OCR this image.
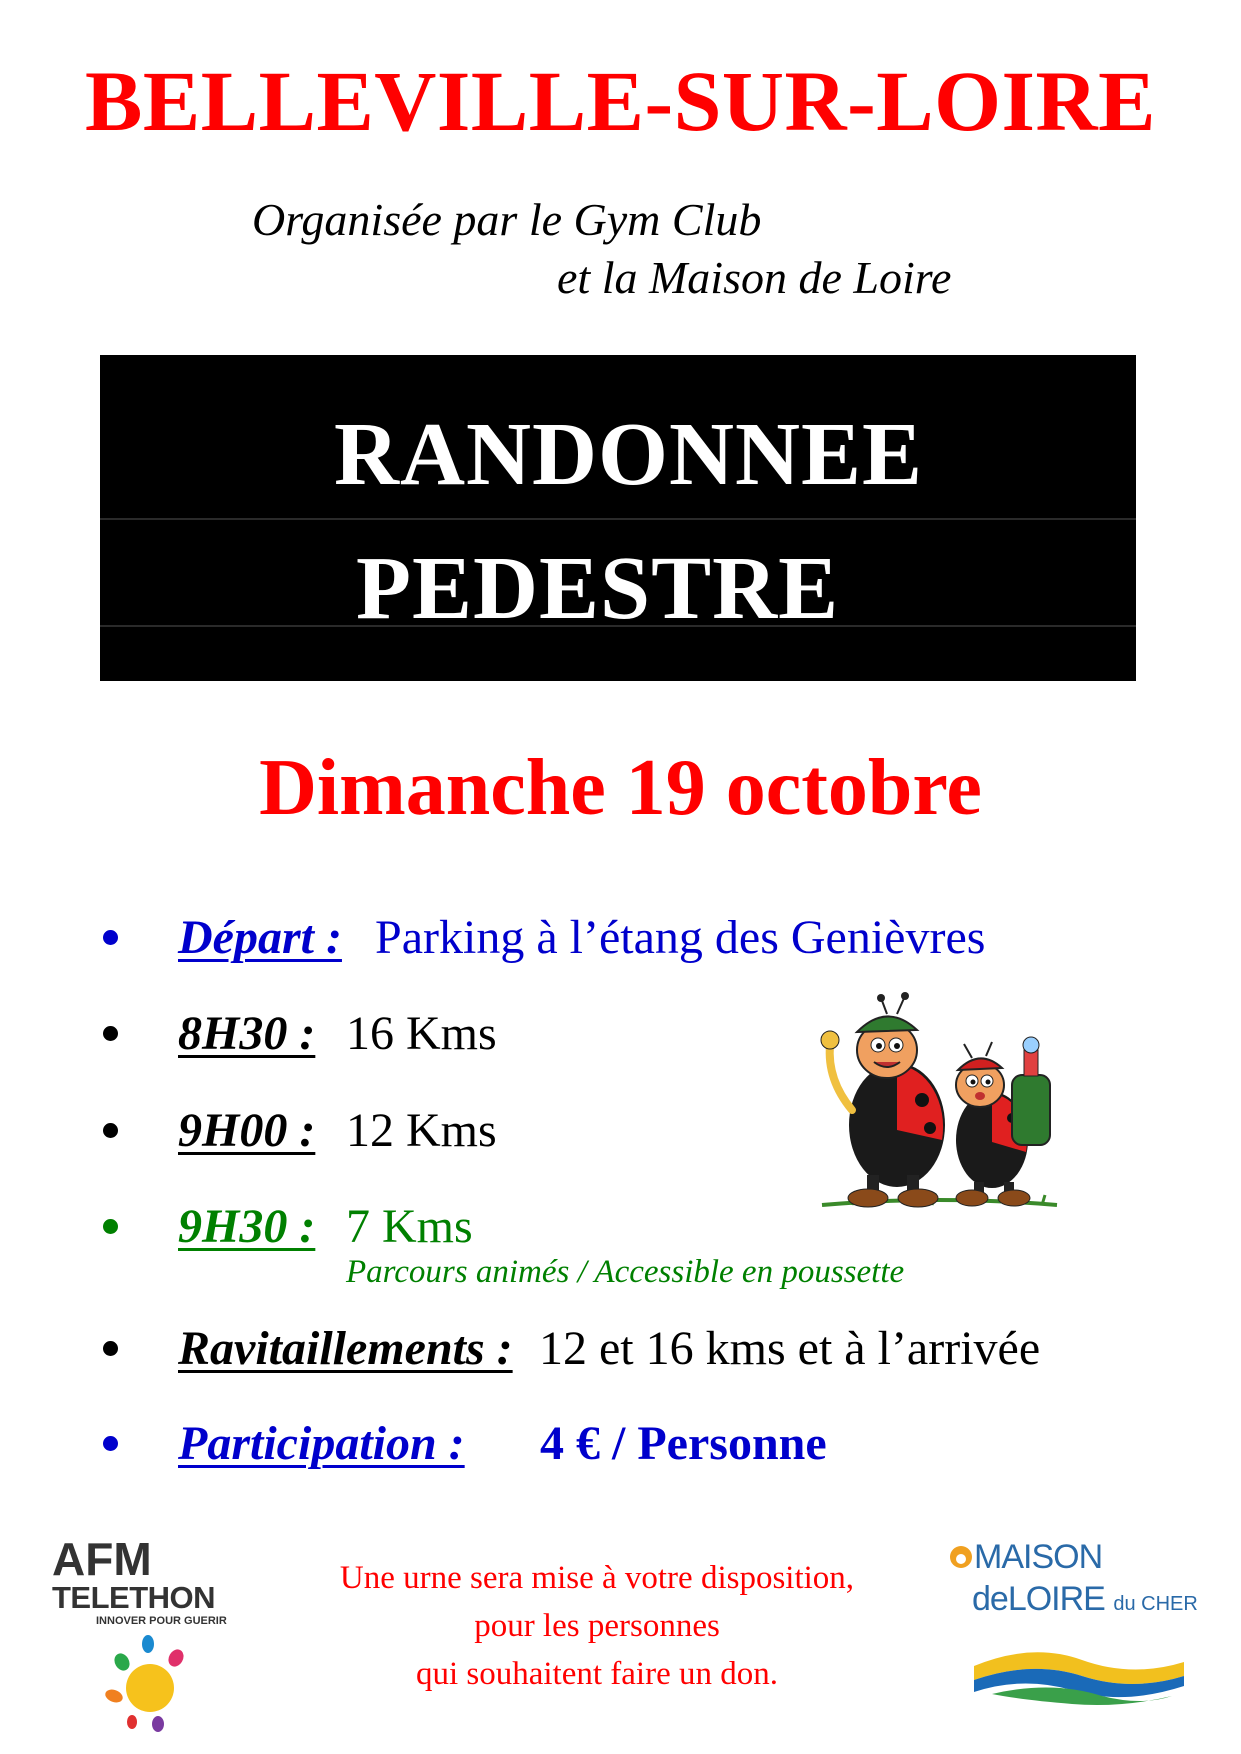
BELLEVILLE-SUR-LOIRE
Organisée par le Gym Club
et la Maison de Loire
RANDONNEE
PEDESTRE
Dimanche 19 octobre
Départ : Parking à l’étang des Genièvres
8H30 : 16 Kms
9H00 : 12 Kms
9H30 : 7 Kms
Parcours animés / Accessible en poussette
Ravitaillements : 12 et 16 kms et à l’arrivée
Participation : 4 € / Personne
AFM
TELETHON
INNOVER POUR GUERIR
MAISON
deLOIRE du CHER
Une urne sera mise à votre disposition,
pour les personnes
qui souhaitent faire un don.
